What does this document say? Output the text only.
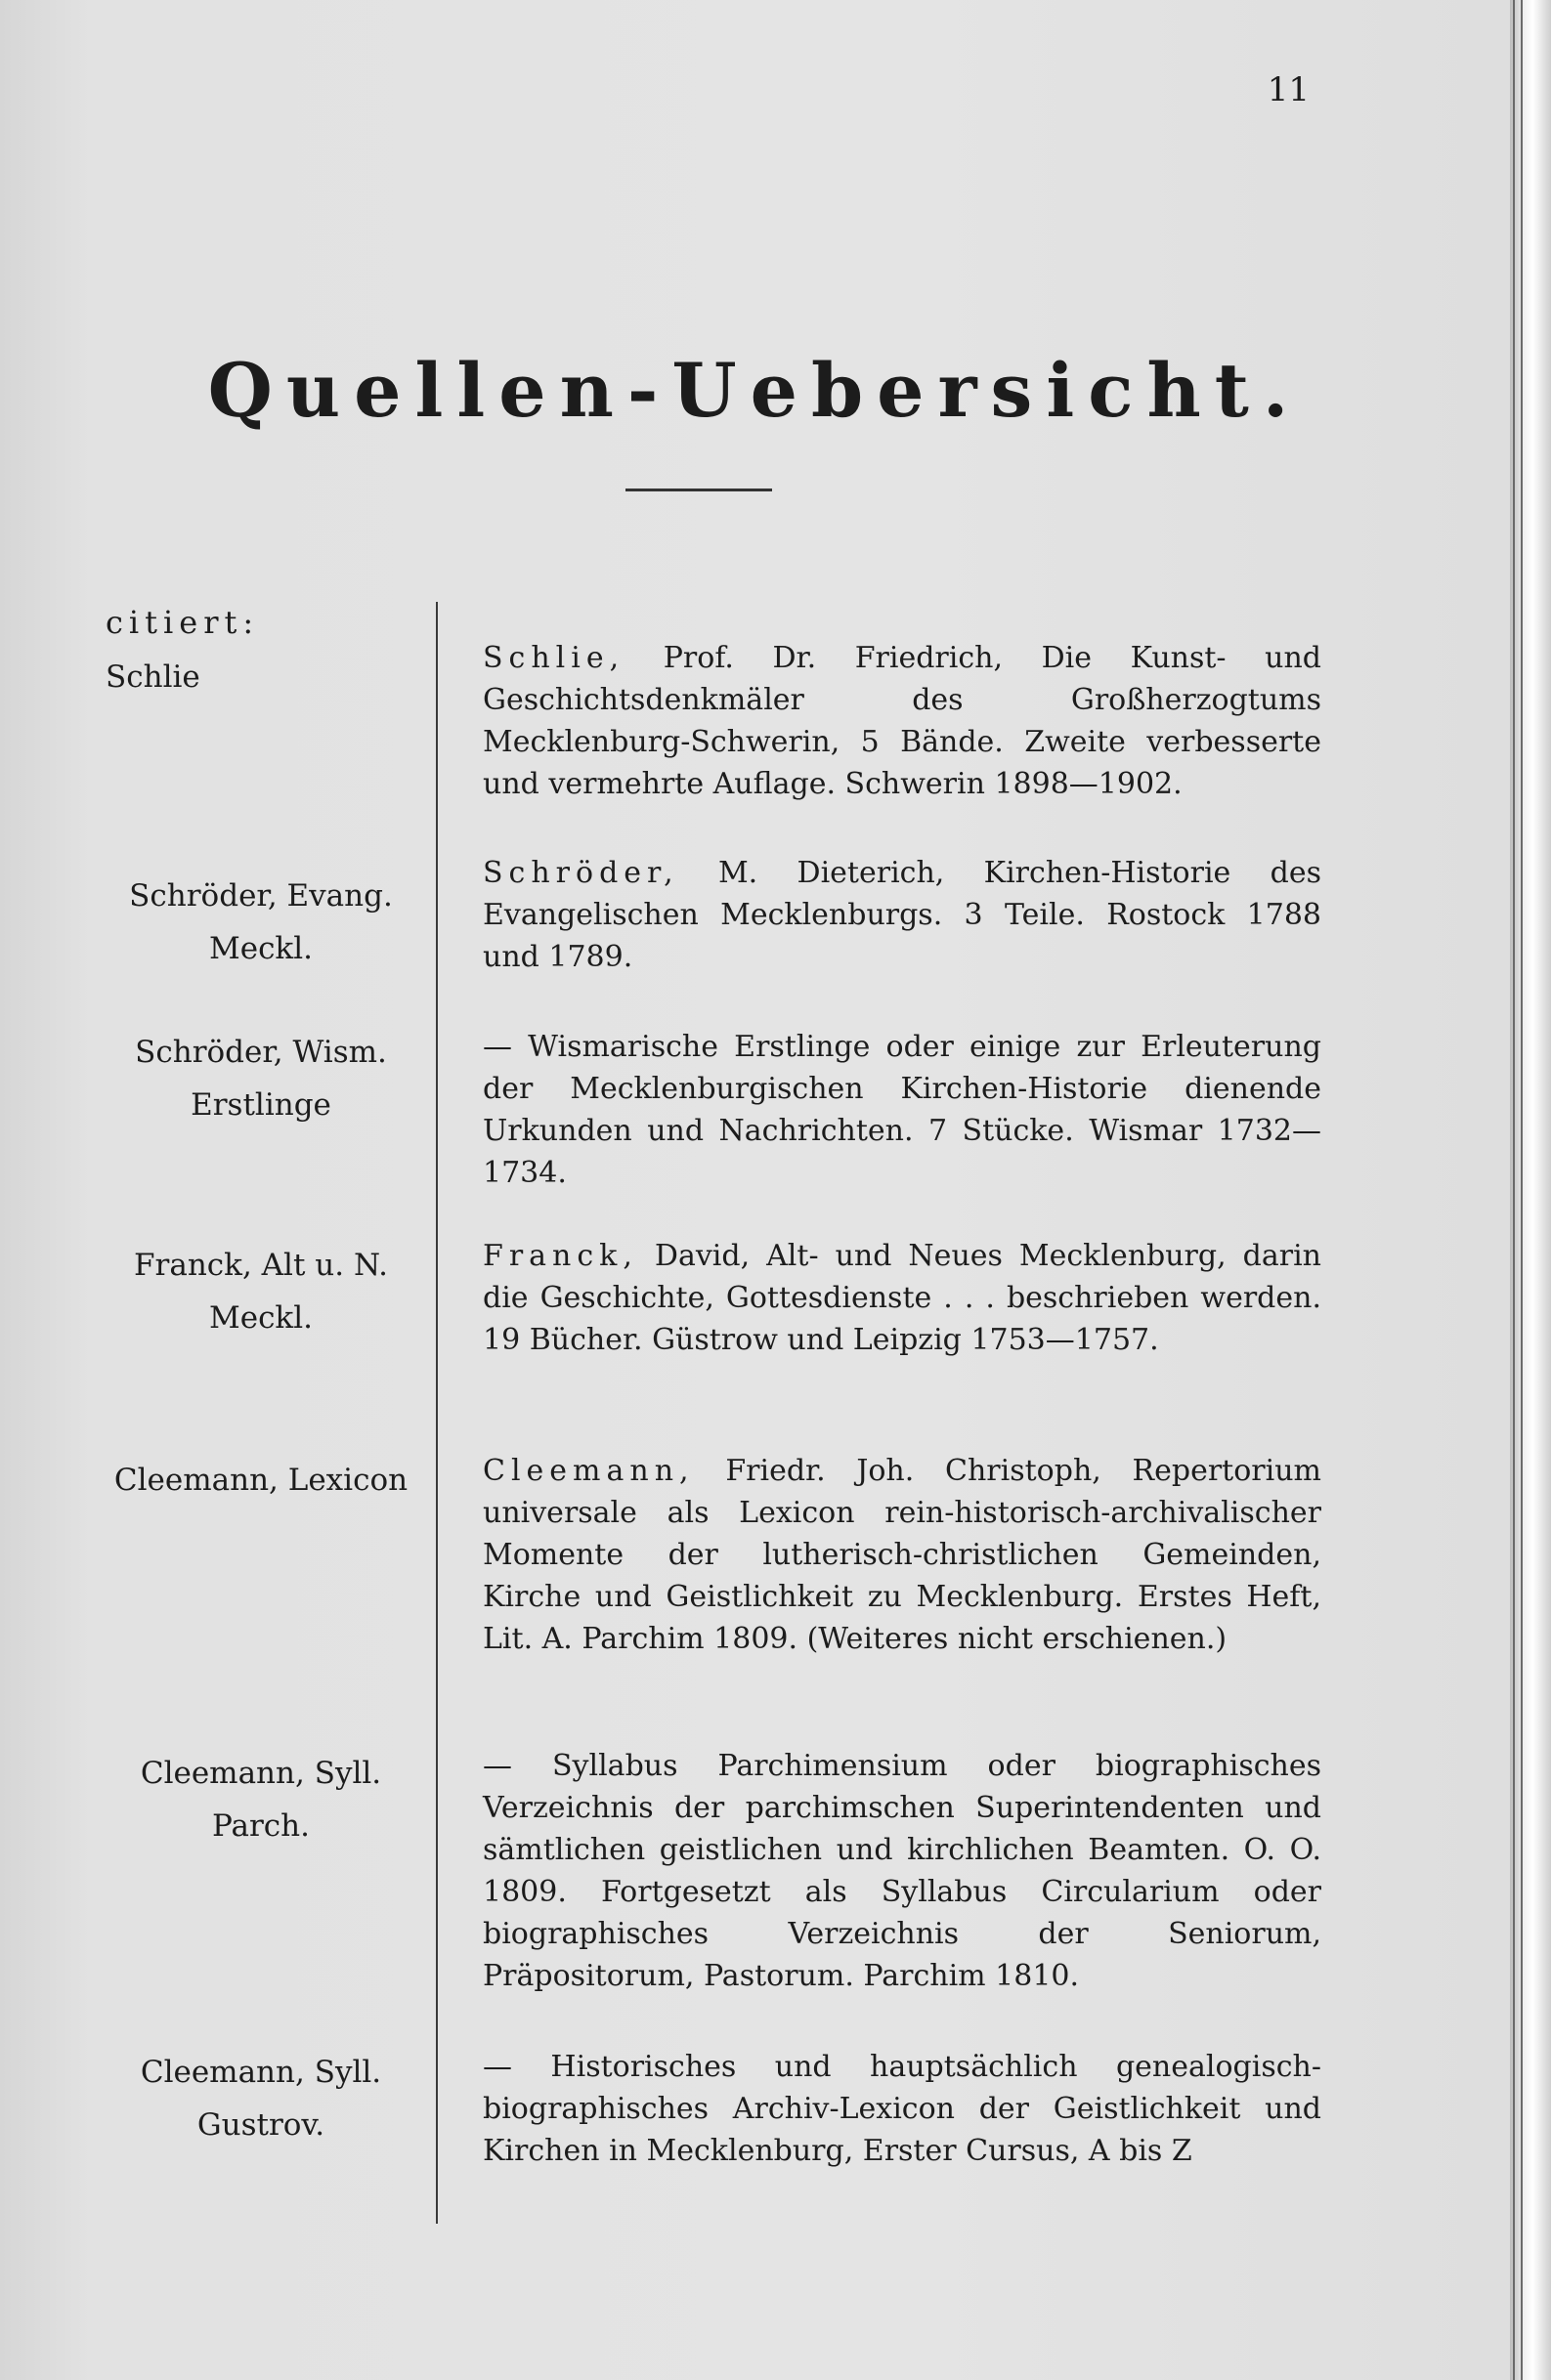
11
Quellen-Uebersicht.
citiert:
Schlie
Schlie, Prof. Dr. Friedrich, Die Kunst- und Geschichtsdenkmäler des Großherzogtums Mecklenburg-Schwerin, 5 Bände. Zweite verbesserte und vermehrte Auflage. Schwerin 1898—1902.
Schröder, Evang. Meckl.
Schröder, M. Dieterich, Kirchen-Historie des Evangelischen Mecklenburgs. 3 Teile. Rostock 1788 und 1789.
Schröder, Wism. Erstlinge
— Wismarische Erstlinge oder einige zur Erleuterung der Mecklenburgischen Kirchen-Historie dienende Urkunden und Nachrichten. 7 Stücke. Wismar 1732—1734.
Franck, Alt u. N. Meckl.
Franck, David, Alt- und Neues Mecklenburg, darin die Geschichte, Gottesdienste . . . beschrieben werden. 19 Bücher. Güstrow und Leipzig 1753—1757.
Cleemann, Lexicon	Cleemann, Friedr. Joh. Christoph, Repertorium universale als Lexicon rein-historisch-archivalischer Momente der lutherisch-christlichen Gemeinden, Kirche und Geistlichkeit zu Mecklenburg. Erstes Heft, Lit. A. Parchim 1809. (Weiteres nicht erschienen.)
Cleemann, Syll. Parch.
— Syllabus Parchimensium oder biographisches Verzeichnis der parchimschen Superintendenten und sämtlichen geistlichen und kirchlichen Beamten. O. O. 1809. Fortgesetzt als Syllabus Circularium oder biographisches Verzeichnis der Seniorum, Präpositorum, Pastorum. Parchim 1810.
Cleemann, Syll. Gustrov.
— Historisches und hauptsächlich genealogisch-biographisches Archiv-Lexicon der Geistlichkeit und Kirchen in Mecklenburg, Erster Cursus, A bis Z
